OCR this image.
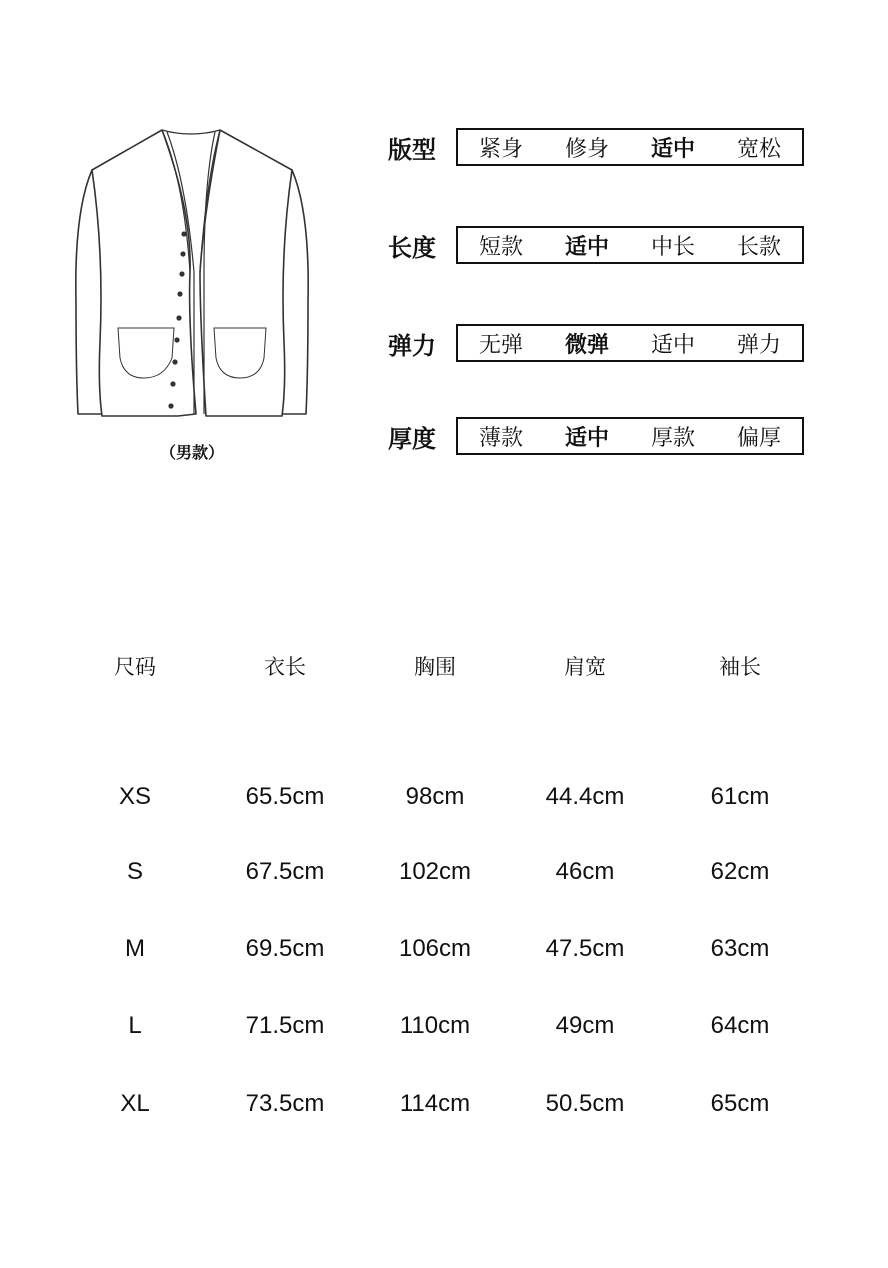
（男款）
版型	紧身	修身	适中	宽松
长度	短款	适中	中长	长款
弹力	无弹	微弹	适中	弹力
厚度	薄款	适中	厚款	偏厚
尺码	衣长	胸围	肩宽	袖长
XS	65.5cm	98cm	44.4cm	61cm
S	67.5cm	102cm	46cm	62cm
M	69.5cm	106cm	47.5cm	63cm
L	71.5cm	110cm	49cm	64cm
XL	73.5cm	114cm	50.5cm	65cm
